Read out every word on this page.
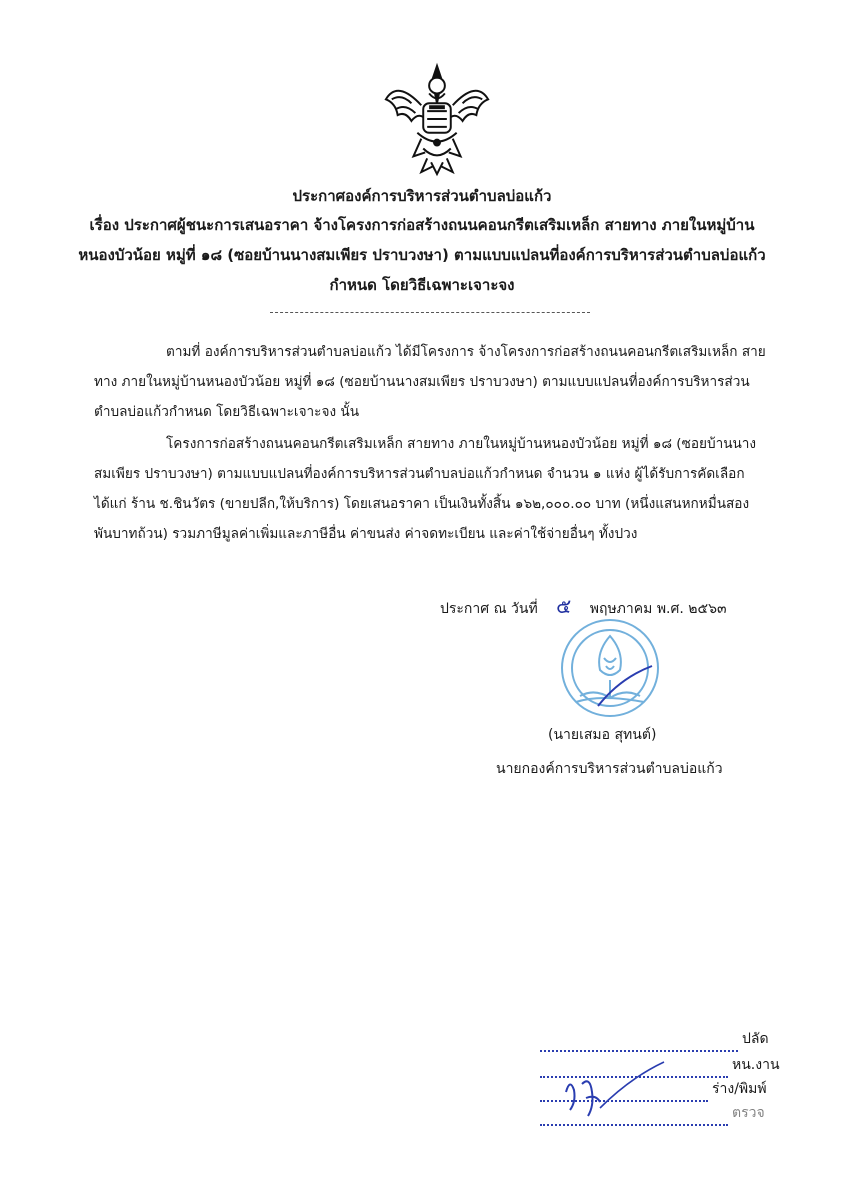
ประกาศองค์การบริหารส่วนตำบลบ่อแก้ว
เรื่อง ประกาศผู้ชนะการเสนอราคา จ้างโครงการก่อสร้างถนนคอนกรีตเสริมเหล็ก สายทาง ภายในหมู่บ้าน
หนองบัวน้อย หมู่ที่ ๑๘ (ซอยบ้านนางสมเพียร ปราบวงษา) ตามแบบแปลนที่องค์การบริหารส่วนตำบลบ่อแก้ว
กำหนด โดยวิธีเฉพาะเจาะจง
ตามที่ องค์การบริหารส่วนตำบลบ่อแก้ว ได้มีโครงการ จ้างโครงการก่อสร้างถนนคอนกรีตเสริมเหล็ก สาย
ทาง ภายในหมู่บ้านหนองบัวน้อย หมู่ที่ ๑๘ (ซอยบ้านนางสมเพียร ปราบวงษา) ตามแบบแปลนที่องค์การบริหารส่วน
ตำบลบ่อแก้วกำหนด โดยวิธีเฉพาะเจาะจง นั้น
โครงการก่อสร้างถนนคอนกรีตเสริมเหล็ก สายทาง ภายในหมู่บ้านหนองบัวน้อย หมู่ที่ ๑๘ (ซอยบ้านนาง
สมเพียร ปราบวงษา) ตามแบบแปลนที่องค์การบริหารส่วนตำบลบ่อแก้วกำหนด จำนวน ๑ แห่ง ผู้ได้รับการคัดเลือก
ได้แก่ ร้าน ช.ชินวัตร (ขายปลีก,ให้บริการ) โดยเสนอราคา เป็นเงินทั้งสิ้น ๑๖๒,๐๐๐.๐๐ บาท (หนึ่งแสนหกหมื่นสอง
พันบาทถ้วน) รวมภาษีมูลค่าเพิ่มและภาษีอื่น ค่าขนส่ง ค่าจดทะเบียน และค่าใช้จ่ายอื่นๆ ทั้งปวง
ประกาศ ณ วันที่ ๕ พฤษภาคม พ.ศ. ๒๕๖๓
(นายเสมอ สุทนต์)
นายกองค์การบริหารส่วนตำบลบ่อแก้ว
ปลัด
หน.งาน
ร่าง/พิมพ์
ตรวจ
